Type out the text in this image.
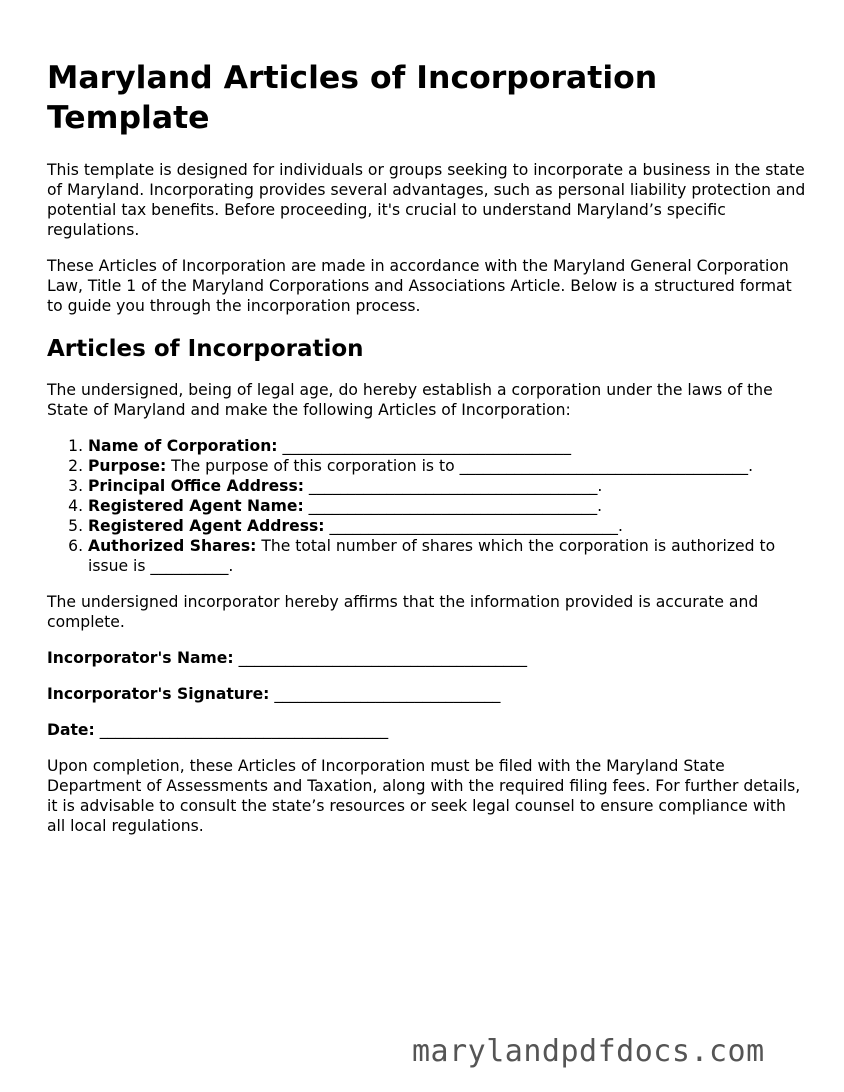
Maryland Articles of Incorporation Template

This template is designed for individuals or groups seeking to incorporate a business in the state of Maryland. Incorporating provides several advantages, such as personal liability protection and potential tax benefits. Before proceeding, it's crucial to understand Maryland’s specific regulations.

These Articles of Incorporation are made in accordance with the Maryland General Corporation Law, Title 1 of the Maryland Corporations and Associations Article. Below is a structured format to guide you through the incorporation process.

Articles of Incorporation

The undersigned, being of legal age, do hereby establish a corporation under the laws of the State of Maryland and make the following Articles of Incorporation:

1. Name of Corporation: _____________________________________
2. Purpose: The purpose of this corporation is to _____________________________________.
3. Principal Office Address: _____________________________________.
4. Registered Agent Name: _____________________________________.
5. Registered Agent Address: _____________________________________.
6. Authorized Shares: The total number of shares which the corporation is authorized to issue is __________.

The undersigned incorporator hereby affirms that the information provided is accurate and complete.

Incorporator's Name: _____________________________________

Incorporator's Signature: _____________________________

Date: _____________________________________

Upon completion, these Articles of Incorporation must be filed with the Maryland State Department of Assessments and Taxation, along with the required filing fees. For further details, it is advisable to consult the state’s resources or seek legal counsel to ensure compliance with all local regulations.

marylandpdfdocs.com
